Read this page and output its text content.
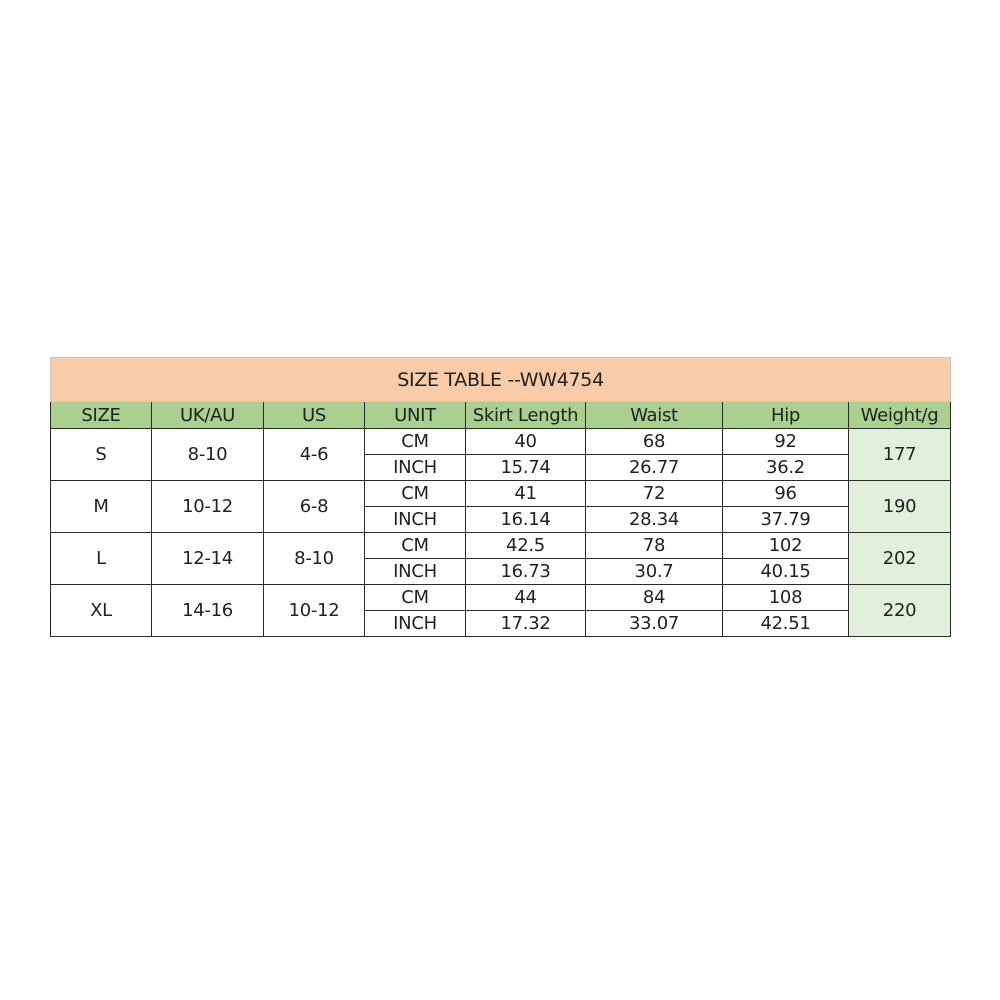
SIZE TABLE --WW4754							
SIZE	UK/AU	US	UNIT	Skirt Length	Waist	Hip	Weight/g
S	8-10	4-6	CM	40	68	92	177
			INCH	15.74	26.77	36.2	
M	10-12	6-8	CM	41	72	96	190
			INCH	16.14	28.34	37.79	
L	12-14	8-10	CM	42.5	78	102	202
			INCH	16.73	30.7	40.15	
XL	14-16	10-12	CM	44	84	108	220
			INCH	17.32	33.07	42.51	
